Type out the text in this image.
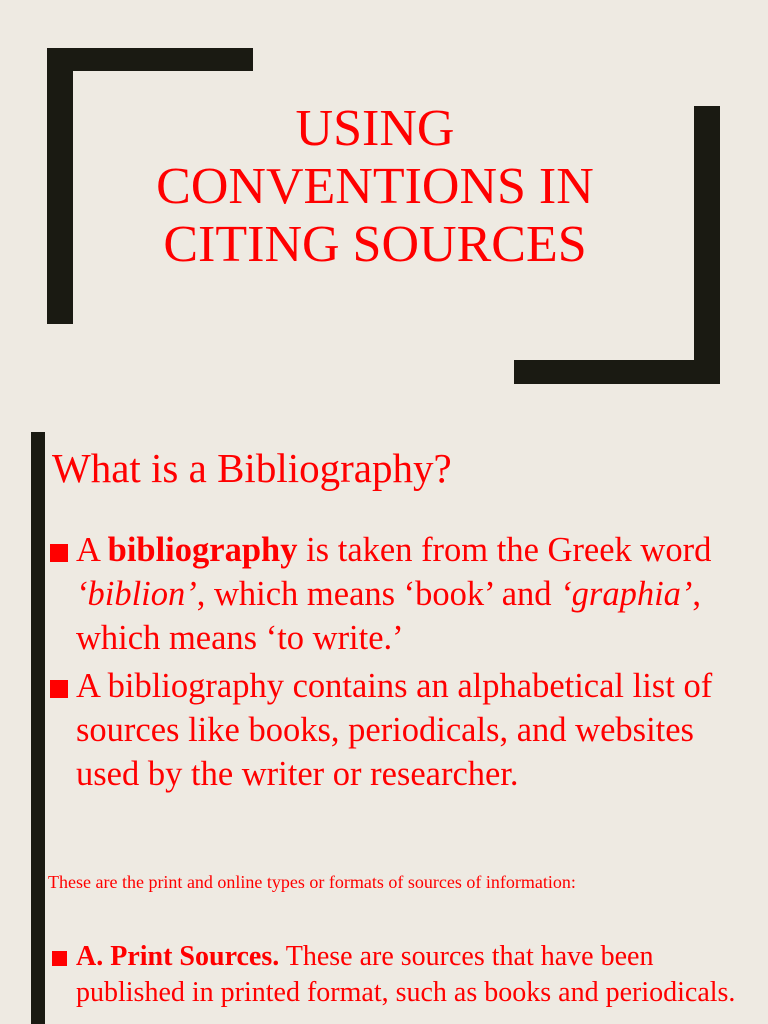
USING
CONVENTIONS IN
CITING SOURCES
What is a Bibliography?
A bibliography is taken from the Greek word ‘biblion’, which means ‘book’ and ‘graphia’, which means ‘to write.’
A bibliography contains an alphabetical list of sources like books, periodicals, and websites used by the writer or researcher.

These are the print and online types or formats of sources of information:

A. Print Sources. These are sources that have been published in printed format, such as books and periodicals.
